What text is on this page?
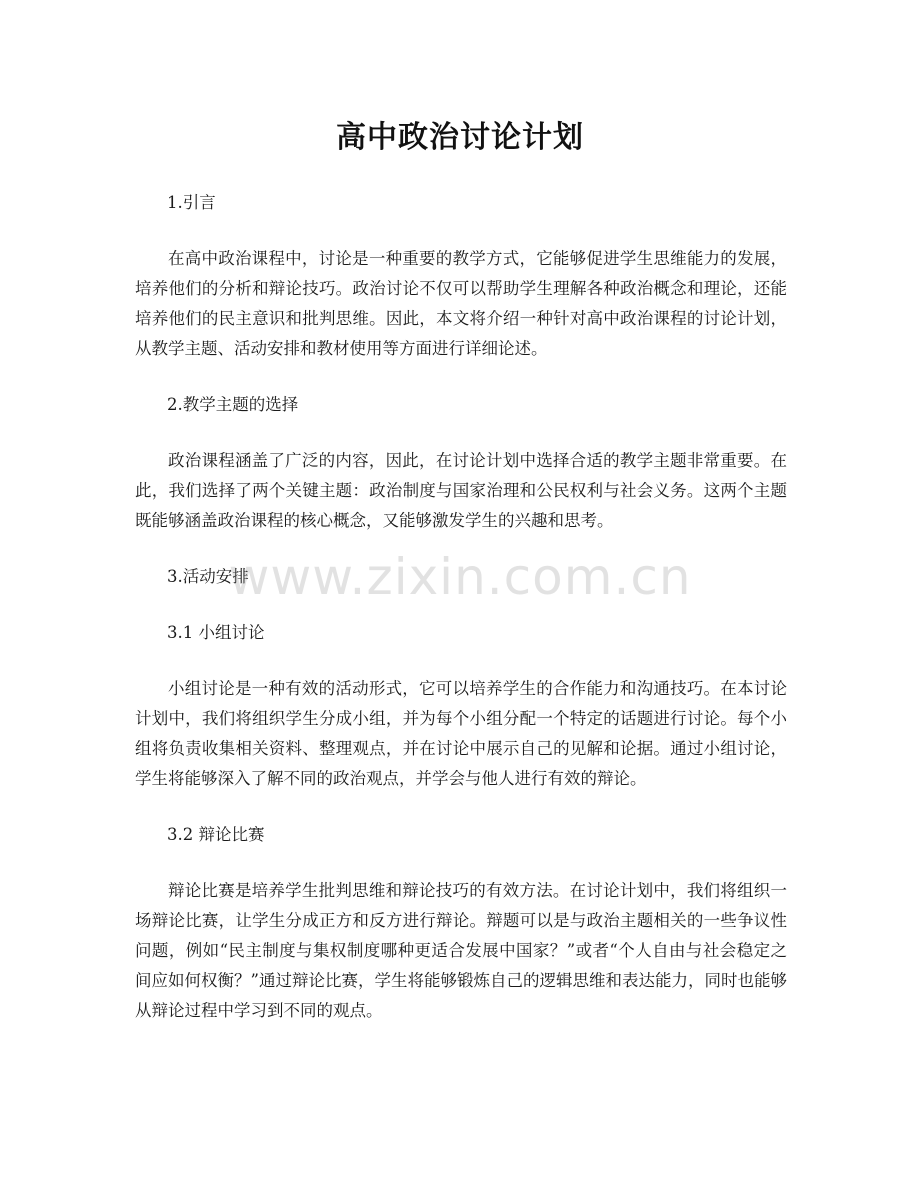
高中政治讨论计划
1.引言
在高中政治课程中，讨论是一种重要的教学方式，它能够促进学生思维能力的发展，培养他们的分析和辩论技巧。政治讨论不仅可以帮助学生理解各种政治概念和理论，还能培养他们的民主意识和批判思维。因此，本文将介绍一种针对高中政治课程的讨论计划，从教学主题、活动安排和教材使用等方面进行详细论述。
2.教学主题的选择
政治课程涵盖了广泛的内容，因此，在讨论计划中选择合适的教学主题非常重要。在此，我们选择了两个关键主题：政治制度与国家治理和公民权利与社会义务。这两个主题既能够涵盖政治课程的核心概念，又能够激发学生的兴趣和思考。
3.活动安排
3.1 小组讨论
小组讨论是一种有效的活动形式，它可以培养学生的合作能力和沟通技巧。在本讨论计划中，我们将组织学生分成小组，并为每个小组分配一个特定的话题进行讨论。每个小组将负责收集相关资料、整理观点，并在讨论中展示自己的见解和论据。通过小组讨论，学生将能够深入了解不同的政治观点，并学会与他人进行有效的辩论。
3.2 辩论比赛
辩论比赛是培养学生批判思维和辩论技巧的有效方法。在讨论计划中，我们将组织一场辩论比赛，让学生分成正方和反方进行辩论。辩题可以是与政治主题相关的一些争议性问题，例如“民主制度与集权制度哪种更适合发展中国家？”或者“个人自由与社会稳定之间应如何权衡？”通过辩论比赛，学生将能够锻炼自己的逻辑思维和表达能力，同时也能够从辩论过程中学习到不同的观点。
www.zixin.com.cn
